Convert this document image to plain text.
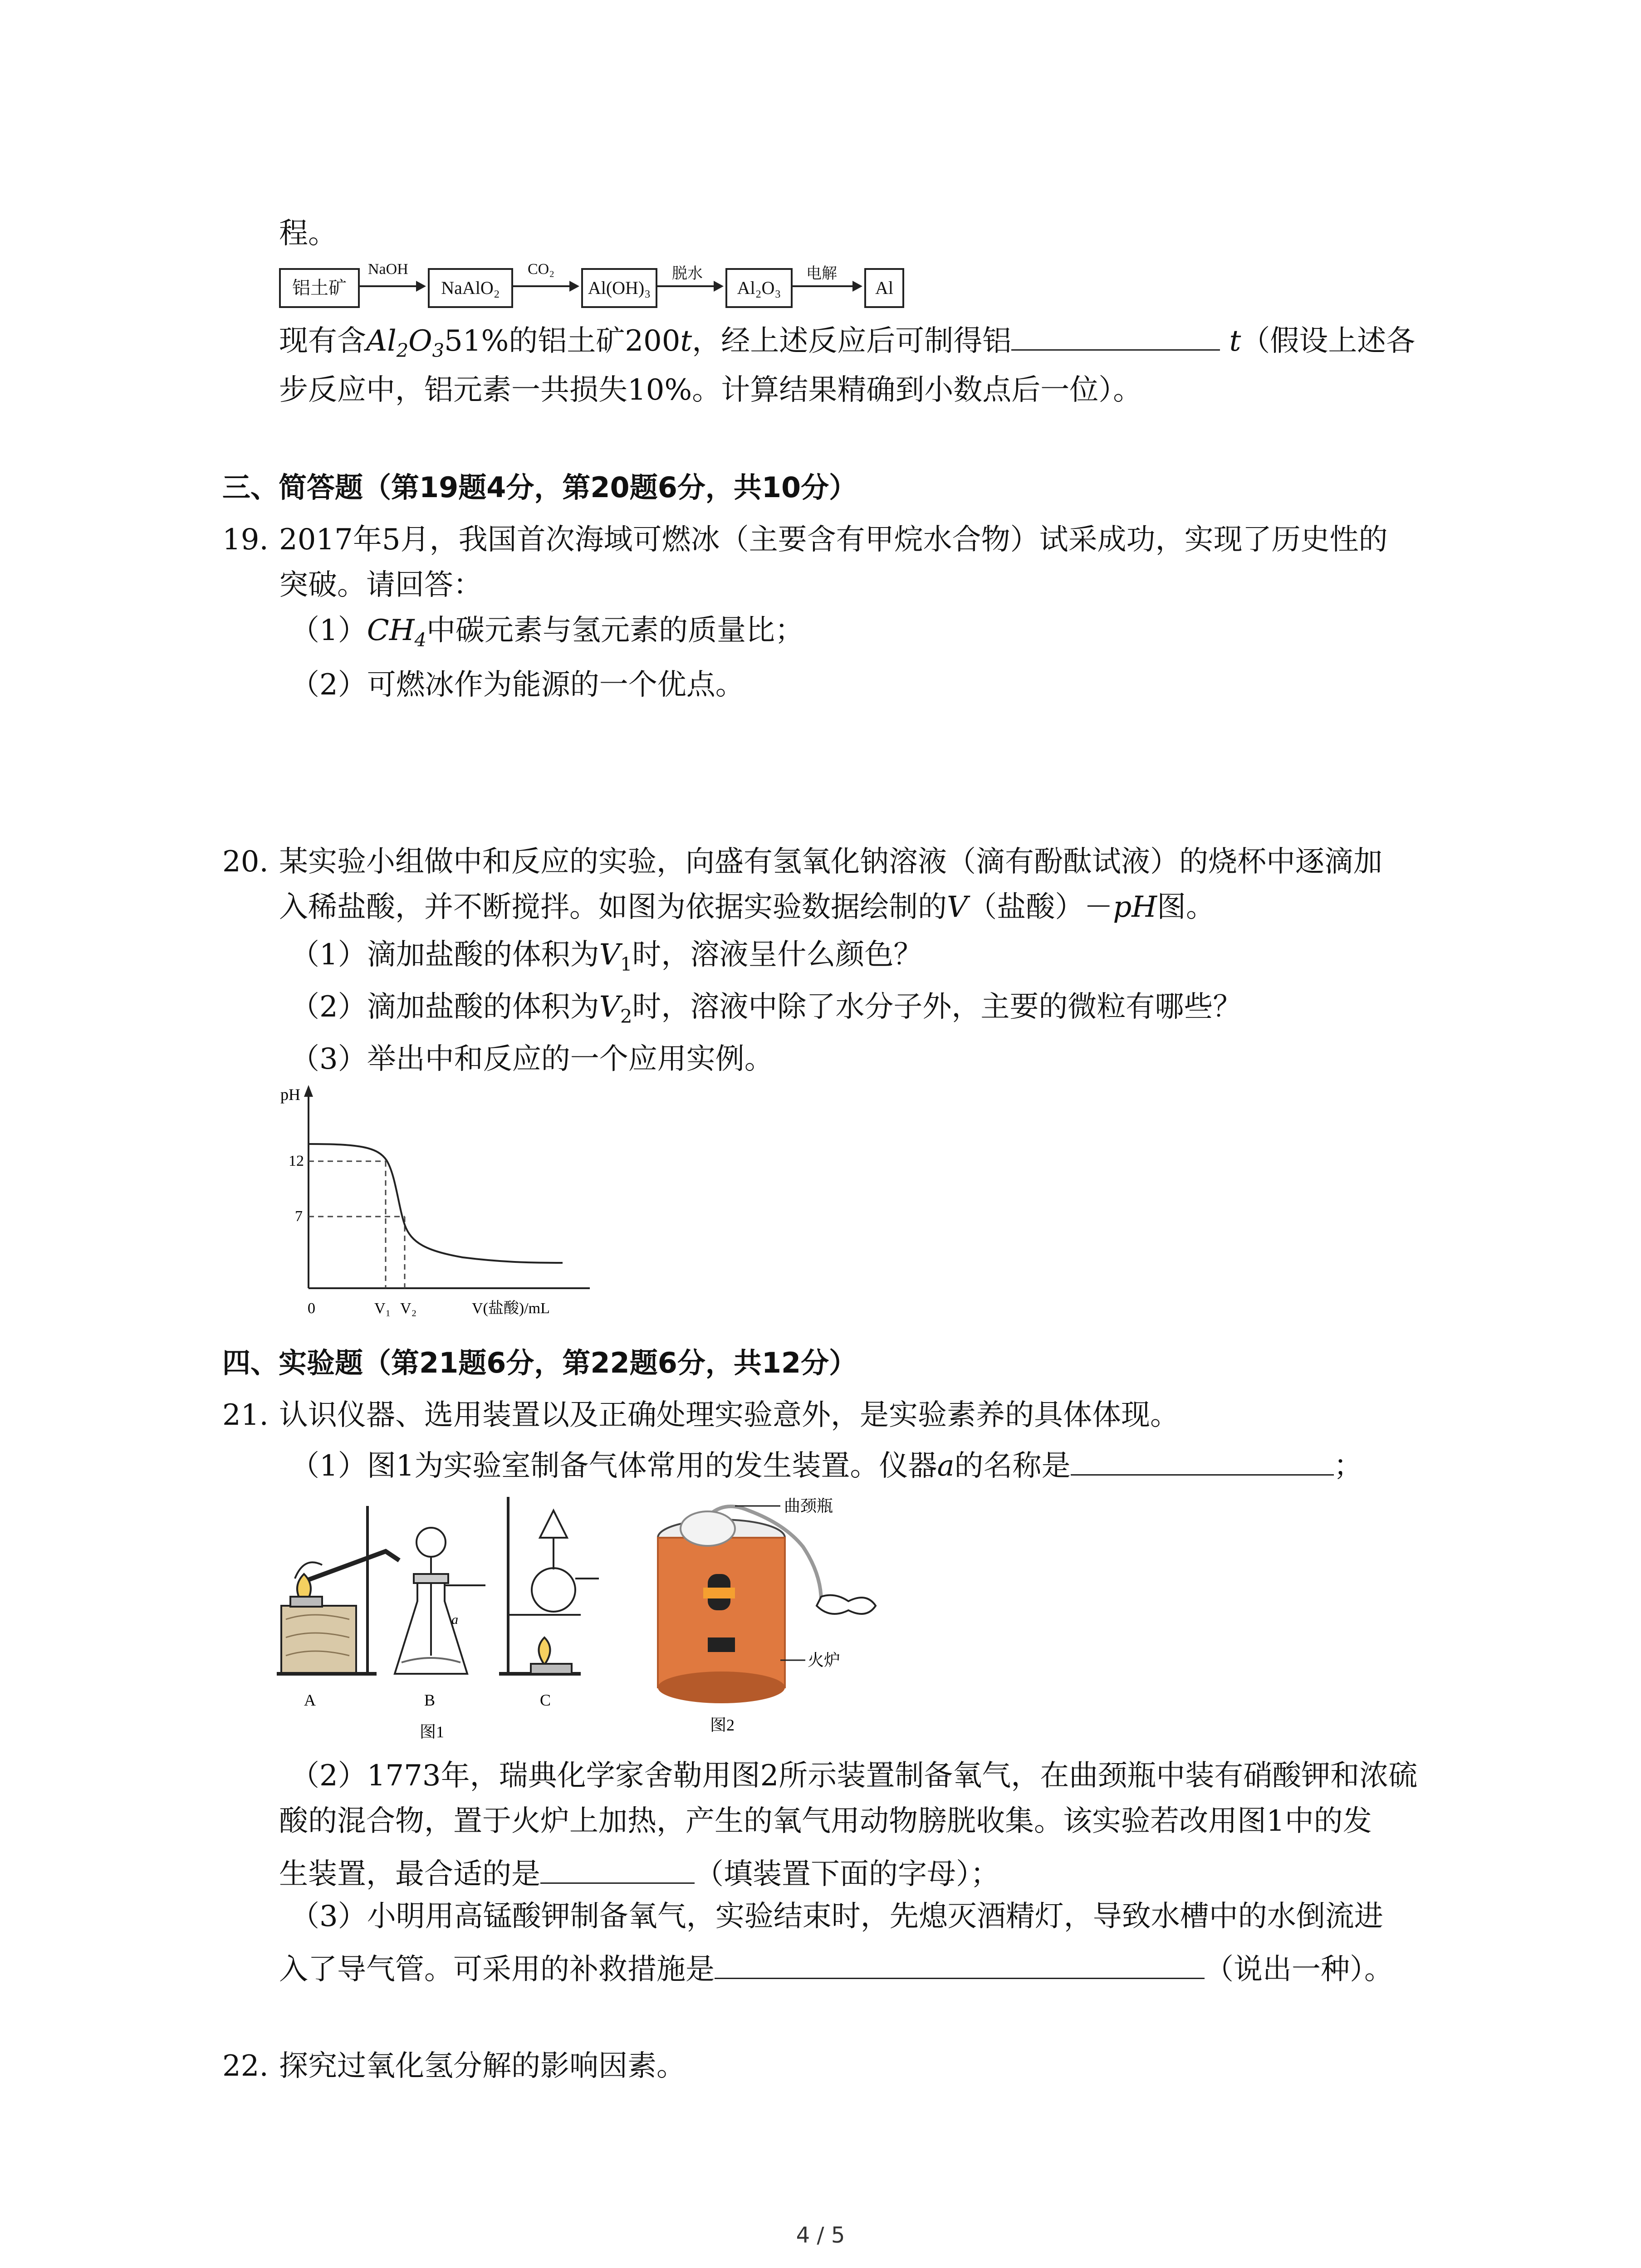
程。
铝土矿
NaOH
NaAlO₂
CO₂
Al(OH)₃
脱水
Al₂O₃
电解
Al
现有含$Al_2O_351\%$的铝土矿200t，经上述反应后可制得铝	t（假设上述各
步反应中，铝元素一共损失10%。计算结果精确到小数点后一位）。
三、简答题（第19题4分，第20题6分，共10分）
19. 2017年5月，我国首次海域可燃冰（主要含有甲烷水合物）试采成功，实现了历史性的
突破。请回答：
$(1)CH_4$中碳元素与氢元素的质量比；
（2）可燃冰作为能源的一个优点。
20. 某实验小组做中和反应的实验，向盛有氢氧化钠溶液（滴有酚酞试液）的烧杯中逐滴加
入稀盐酸，并不断搅拌。如图为依据实验数据绘制的V（盐酸）－pH图。
（1）滴加盐酸的体积为$V_1$时，溶液呈什么颜色？
（2）滴加盐酸的体积为$V_2$时，溶液中除了水分子外，主要的微粒有哪些？
（3）举出中和反应的一个应用实例。
pH
12
7
0	V₁ V₂	V(盐酸)/mL
四、实验题（第21题6分，第22题6分，共12分）
21. 认识仪器、选用装置以及正确处理实验意外，是实验素养的具体体现。
（1）图1为实验室制备气体常用的发生装置。仪器a的名称是	；
A
a
B	C
图1
曲颈瓶
火炉
图2
（2）1773年，瑞典化学家舍勒用图2所示装置制备氧气，在曲颈瓶中装有硝酸钾和浓硫
酸的混合物，置于火炉上加热，产生的氧气用动物膀胱收集。该实验若改用图1中的发
生装置，最合适的是	（填装置下面的字母）；
（3）小明用高锰酸钾制备氧气，实验结束时，先熄灭酒精灯，导致水槽中的水倒流进
入了导气管。可采用的补救措施是	（说出一种）。
22. 探究过氧化氢分解的影响因素。
4 / 5
